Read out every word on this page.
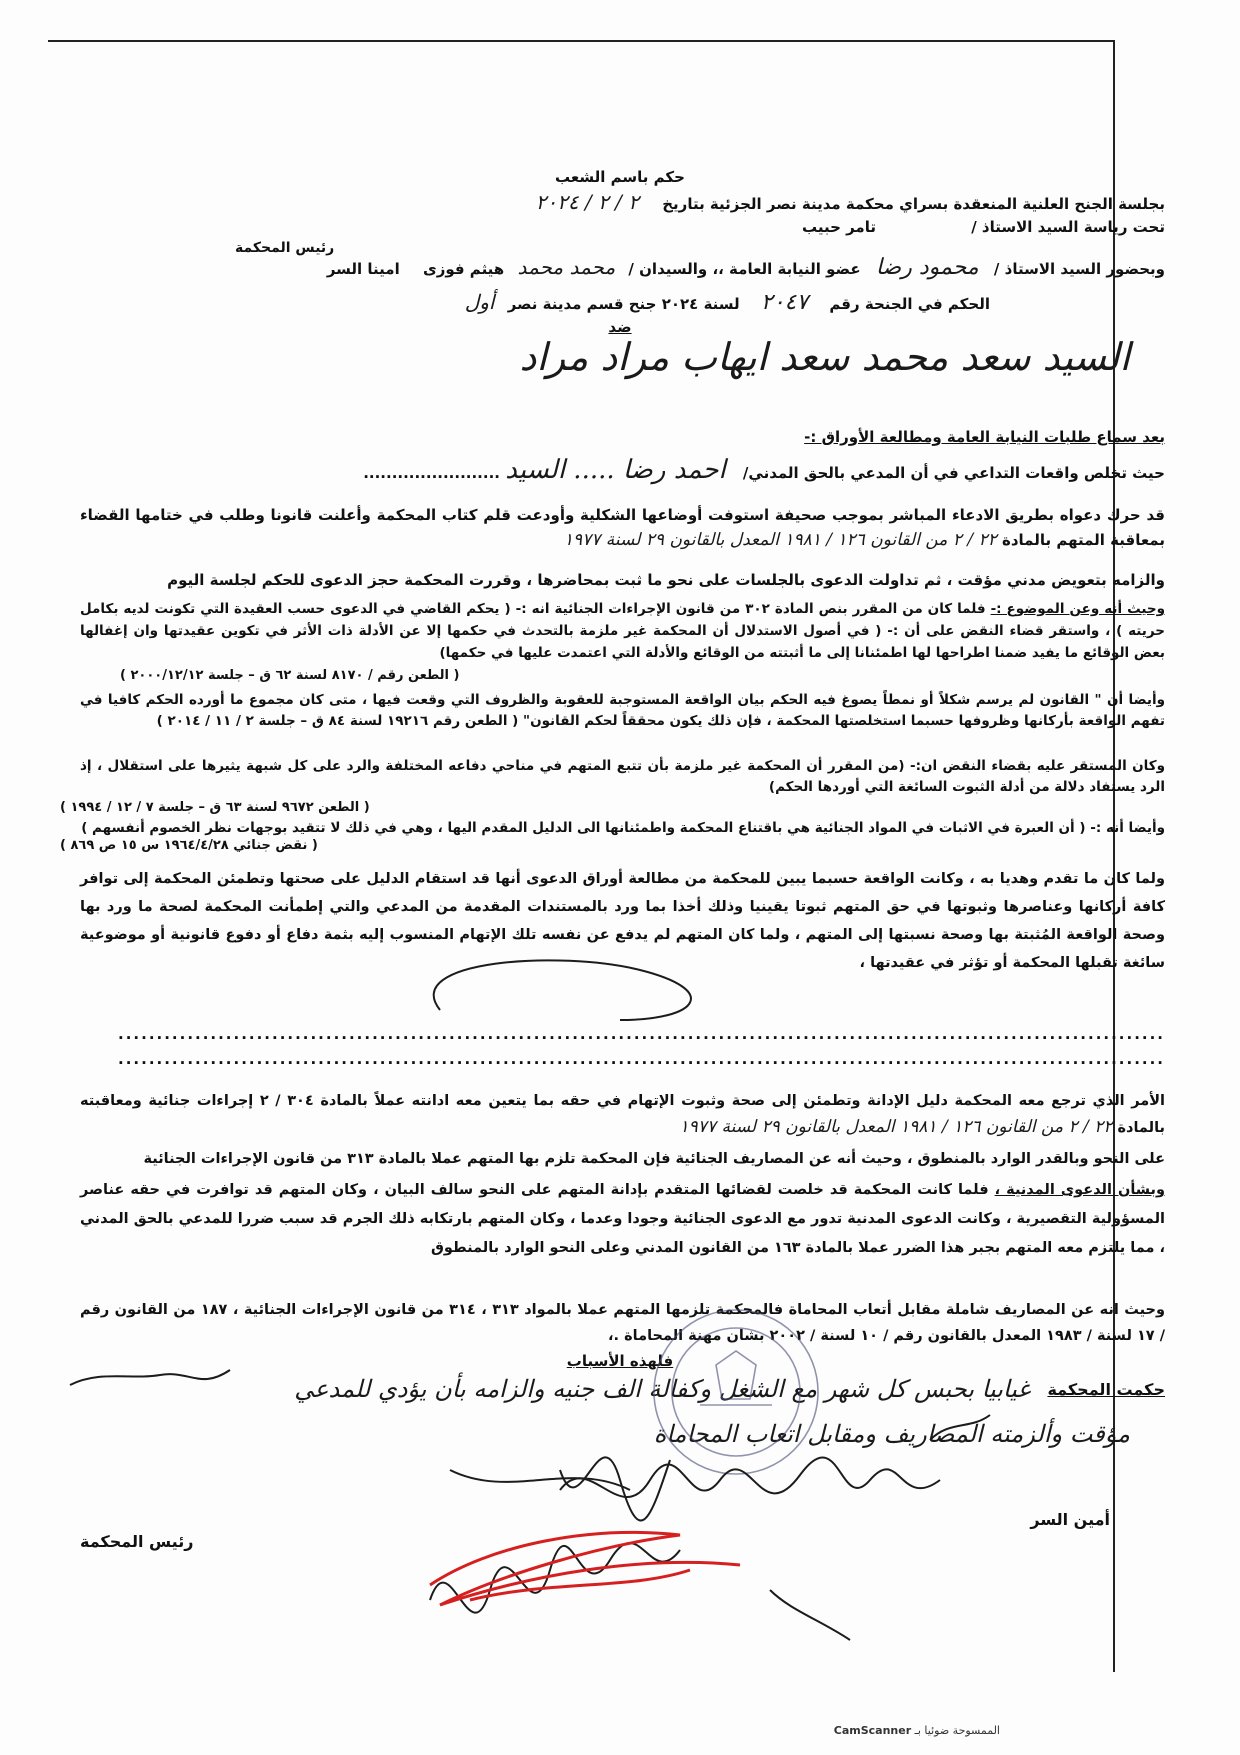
حكم باسم الشعب
بجلسة الجنح العلنية المنعقدة بسراي محكمة مدينة نصر الجزئية بتاريخ ٢ / ٢ / ٢٠٢٤
تحت رياسة السيد الاستاذ / تامر حبيب
رئيس المحكمة
وبحضور السيد الاستاذ / محمود رضا عضو النيابة العامة ،، والسيدان / محمد محمد هيثم فوزى امينا السر
الحكم في الجنحة رقم ٢٠٤٧ لسنة ٢٠٢٤ جنح قسم مدينة نصر أول
ضد
السيد سعد محمد سعد ايهاب مراد مراد
بعد سماع طلبات النيابة العامة ومطالعة الأوراق :-
حيث تخلص واقعات التداعي في أن المدعي بالحق المدني/ احمد رضا ..... السيد ........................
قد حرك دعواه بطريق الادعاء المباشر بموجب صحيفة استوفت أوضاعها الشكلية وأودعت قلم كتاب المحكمة وأعلنت قانونا وطلب في ختامها القضاء بمعاقبة المتهم بالمادة ٢٢ / ٢ من القانون ١٢٦ / ١٩٨١ المعدل بالقانون ٢٩ لسنة ١٩٧٧
والزامه بتعويض مدني مؤقت ، ثم تداولت الدعوى بالجلسات على نحو ما ثبت بمحاضرها ، وقررت المحكمة حجز الدعوى للحكم لجلسة اليوم
وحيث أنه وعن الموضوع :- فلما كان من المقرر بنص المادة ٣٠٢ من قانون الإجراءات الجنائية انه :- ( يحكم القاضي في الدعوى حسب العقيدة التي تكونت لديه بكامل حريته ) ، واستقر قضاء النقض على أن :- ( في أصول الاستدلال أن المحكمة غير ملزمة بالتحدث في حكمها إلا عن الأدلة ذات الأثر في تكوين عقيدتها وان إغفالها بعض الوقائع ما يفيد ضمنا اطراحها لها اطمئنانا إلى ما أثبتته من الوقائع والأدلة التي اعتمدت عليها في حكمها)
( الطعن رقم / ٨١٧٠ لسنة ٦٢ ق – جلسة ٢٠٠٠/١٢/١٢ )
وأيضا أن " القانون لم يرسم شكلاً أو نمطاً يصوغ فيه الحكم بيان الواقعة المستوجبة للعقوبة والظروف التي وقعت فيها ، متى كان مجموع ما أورده الحكم كافيا في تفهم الواقعة بأركانها وظروفها حسبما استخلصتها المحكمة ، فإن ذلك يكون محققاً لحكم القانون" ( الطعن رقم ١٩٢١٦ لسنة ٨٤ ق – جلسة ٢ / ١١ / ٢٠١٤ )
وكان المستقر عليه بقضاء النقض ان:- (من المقرر أن المحكمة غير ملزمة بأن تتبع المتهم في مناحي دفاعه المختلفة والرد على كل شبهة يثيرها على استقلال ، إذ الرد يستفاد دلالة من أدلة الثبوت السائغة التي أوردها الحكم)
( الطعن ٩٦٧٢ لسنة ٦٣ ق – جلسة ٧ / ١٢ / ١٩٩٤ )
وأيضا أنه :- ( أن العبرة في الاثبات في المواد الجنائية هي باقتناع المحكمة واطمئنانها الى الدليل المقدم اليها ، وهي في ذلك لا تتقيد بوجهات نظر الخصوم أنفسهم )
( نقض جنائي ١٩٦٤/٤/٢٨ س ١٥ ص ٨٦٩ )
ولما كان ما تقدم وهديا به ، وكانت الواقعة حسبما يبين للمحكمة من مطالعة أوراق الدعوى أنها قد استقام الدليل على صحتها وتطمئن المحكمة إلى توافر كافة أركانها وعناصرها وثبوتها في حق المتهم ثبوتا يقينيا وذلك أخذا بما ورد بالمستندات المقدمة من المدعي والتي إطمأنت المحكمة لصحة ما ورد بها وصحة الواقعة المُثبتة بها وصحة نسبتها إلى المتهم ، ولما كان المتهم لم يدفع عن نفسه تلك الإتهام المنسوب إليه بثمة دفاع أو دفوع قانونية أو موضوعية سائغة تقبلها المحكمة أو تؤثر في عقيدتها ،
........................................................................................................................................
........................................................................................................................................
الأمر الذي ترجع معه المحكمة دليل الإدانة وتطمئن إلى صحة وثبوت الإتهام في حقه بما يتعين معه ادانته عملاً بالمادة ٣٠٤ / ٢ إجراءات جنائية ومعاقبته بالمادة ٢٢ / ٢ من القانون ١٢٦ / ١٩٨١ المعدل بالقانون ٢٩ لسنة ١٩٧٧
على النحو وبالقدر الوارد بالمنطوق ، وحيث أنه عن المصاريف الجنائية فإن المحكمة تلزم بها المتهم عملا بالمادة ٣١٣ من قانون الإجراءات الجنائية
وبشأن الدعوى المدنية ، فلما كانت المحكمة قد خلصت لقضائها المتقدم بإدانة المتهم على النحو سالف البيان ، وكان المتهم قد توافرت في حقه عناصر المسؤولية التقصيرية ، وكانت الدعوى المدنية تدور مع الدعوى الجنائية وجودا وعدما ، وكان المتهم بارتكابه ذلك الجرم قد سبب ضررا للمدعي بالحق المدني ، مما يلتزم معه المتهم بجبر هذا الضرر عملا بالمادة ١٦٣ من القانون المدني وعلى النحو الوارد بالمنطوق
وحيث انه عن المصاريف شاملة مقابل أتعاب المحاماة فالمحكمة تلزمها المتهم عملا بالمواد ٣١٣ ، ٣١٤ من قانون الإجراءات الجنائية ، ١٨٧ من القانون رقم / ١٧ لسنة / ١٩٨٣ المعدل بالقانون رقم / ١٠ لسنة / ٢٠٠٢ بشان مهنة المحاماة .،
فلهذه الأسباب
حكمت المحكمة
غيابيا بحبس كل شهر مع الشغل وكفالة الف جنيه والزامه بأن يؤدي للمدعي
مؤقت وألزمته المصاريف ومقابل اتعاب المحاماة
أمين السر
رئيس المحكمة
الممسوحة ضوئيا بـ CamScanner
